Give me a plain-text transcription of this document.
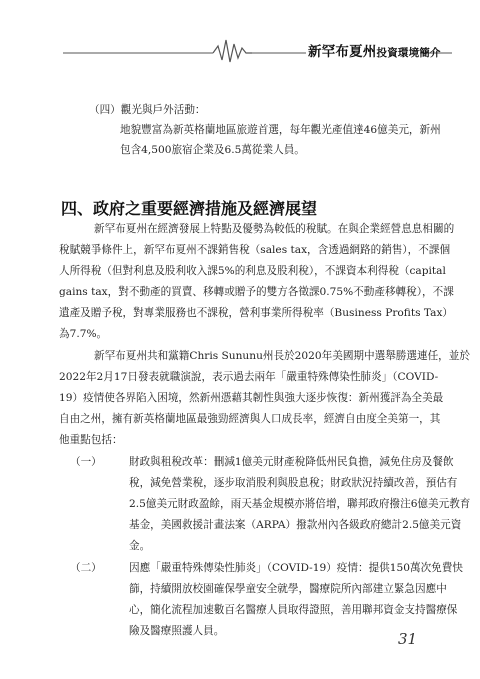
新罕布夏州投資環境簡介
（四）觀光與戶外活動：
地貌豐富為新英格蘭地區旅遊首選，每年觀光產值達46億美元，新州
包含4,500旅宿企業及6.5萬從業人員。
四、政府之重要經濟措施及經濟展望
新罕布夏州在經濟發展上特點及優勢為較低的稅賦。在與企業經營息息相關的
稅賦競爭條件上，新罕布夏州不課銷售稅（sales tax，含透過網路的銷售），不課個
人所得稅（但對利息及股利收入課5%的利息及股利稅），不課資本利得稅（capital
gains tax，對不動產的買賣、移轉或贈予的雙方各徵課0.75%不動產移轉稅），不課
遺產及贈予稅，對專業服務也不課稅，營利事業所得稅率（Business Profits Tax）
為7.7%。
新罕布夏州共和黨籍Chris Sununu州長於2020年美國期中選舉勝選連任，並於
2022年2月17日發表就職演說，表示過去兩年「嚴重特殊傳染性肺炎」（COVID-
19）疫情使各界陷入困境，然新州憑藉其韌性與強大逐步恢復：新州獲評為全美最
自由之州，擁有新英格蘭地區最強勁經濟與人口成長率，經濟自由度全美第一，其
他重點包括：
（一）	財政與租稅改革：刪減1億美元財產稅降低州民負擔，減免住房及餐飲
稅，減免營業稅，逐步取消股利與股息稅；財政狀況持續改善，預估有
2.5億美元財政盈餘，雨天基金規模亦將倍增，聯邦政府撥注6億美元教育
基金，美國救援計畫法案（ARPA）撥款州內各級政府總計2.5億美元資
金。
（二）	因應「嚴重特殊傳染性肺炎」（COVID-19）疫情：提供150萬次免費快
篩，持續開放校園確保學童安全就學，醫療院所內部建立緊急因應中
心，簡化流程加速數百名醫療人員取得證照，善用聯邦資金支持醫療保
險及醫療照護人員。	31
